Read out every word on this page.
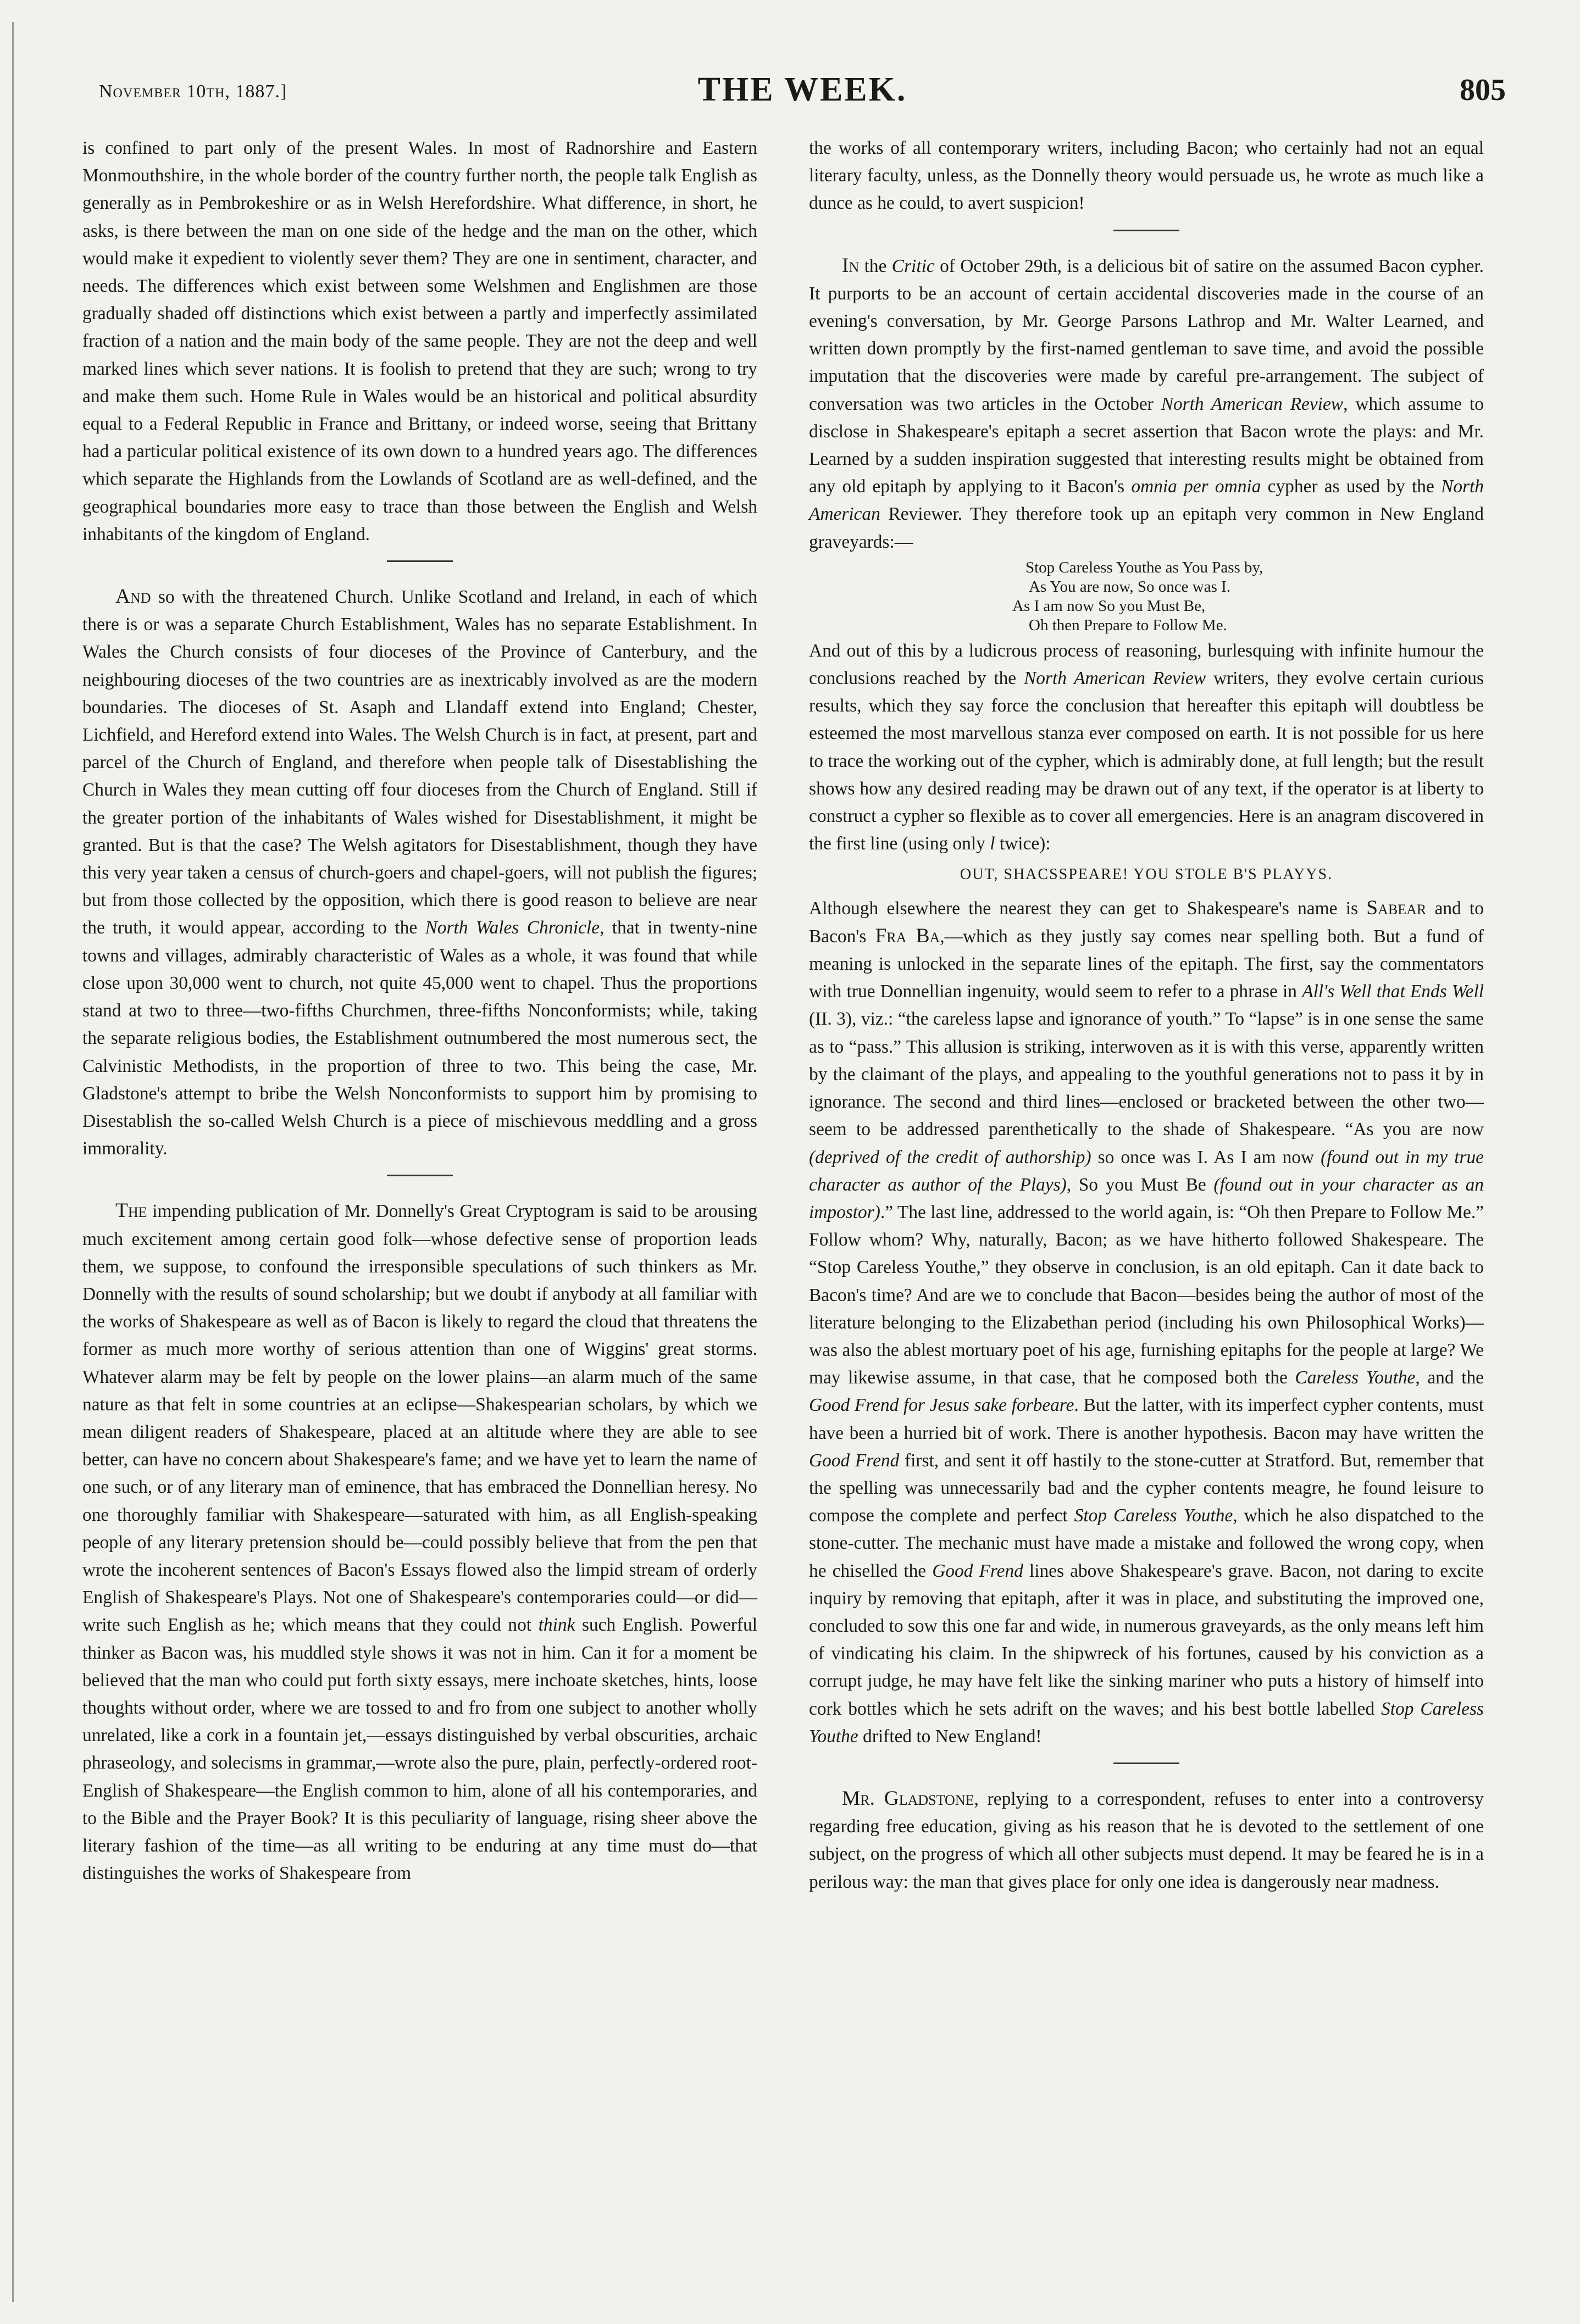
November 10th, 1887.]	THE WEEK.	805

is confined to part only of the present Wales. In most of Radnorshire and Eastern Monmouthshire, in the whole border of the country further north, the people talk English as generally as in Pembrokeshire or as in Welsh Herefordshire. What difference, in short, he asks, is there between the man on one side of the hedge and the man on the other, which would make it expedient to violently sever them? They are one in sentiment, character, and needs. The differences which exist between some Welshmen and Englishmen are those gradually shaded off distinctions which exist between a partly and imperfectly assimilated fraction of a nation and the main body of the same people. They are not the deep and well marked lines which sever nations. It is foolish to pretend that they are such; wrong to try and make them such. Home Rule in Wales would be an historical and political absurdity equal to a Federal Republic in France and Brittany, or indeed worse, seeing that Brittany had a particular political existence of its own down to a hundred years ago. The differences which separate the Highlands from the Lowlands of Scotland are as well-defined, and the geographical boundaries more easy to trace than those between the English and Welsh inhabitants of the kingdom of England.

And so with the threatened Church. Unlike Scotland and Ireland, in each of which there is or was a separate Church Establishment, Wales has no separate Establishment. In Wales the Church consists of four dioceses of the Province of Canterbury, and the neighbouring dioceses of the two countries are as inextricably involved as are the modern boundaries. The dioceses of St. Asaph and Llandaff extend into England; Chester, Lichfield, and Hereford extend into Wales. The Welsh Church is in fact, at present, part and parcel of the Church of England, and therefore when people talk of Disestablishing the Church in Wales they mean cutting off four dioceses from the Church of England. Still if the greater portion of the inhabitants of Wales wished for Disestablishment, it might be granted. But is that the case? The Welsh agitators for Disestablishment, though they have this very year taken a census of church-goers and chapel-goers, will not publish the figures; but from those collected by the opposition, which there is good reason to believe are near the truth, it would appear, according to the North Wales Chronicle, that in twenty-nine towns and villages, admirably characteristic of Wales as a whole, it was found that while close upon 30,000 went to church, not quite 45,000 went to chapel. Thus the proportions stand at two to three—two-fifths Churchmen, three-fifths Nonconformists; while, taking the separate religious bodies, the Establishment outnumbered the most numerous sect, the Calvinistic Methodists, in the proportion of three to two. This being the case, Mr. Gladstone's attempt to bribe the Welsh Nonconformists to support him by promising to Disestablish the so-called Welsh Church is a piece of mischievous meddling and a gross immorality.

The impending publication of Mr. Donnelly's Great Cryptogram is said to be arousing much excitement among certain good folk—whose defective sense of proportion leads them, we suppose, to confound the irresponsible speculations of such thinkers as Mr. Donnelly with the results of sound scholarship; but we doubt if anybody at all familiar with the works of Shakespeare as well as of Bacon is likely to regard the cloud that threatens the former as much more worthy of serious attention than one of Wiggins' great storms. Whatever alarm may be felt by people on the lower plains—an alarm much of the same nature as that felt in some countries at an eclipse—Shakespearian scholars, by which we mean diligent readers of Shakespeare, placed at an altitude where they are able to see better, can have no concern about Shakespeare's fame; and we have yet to learn the name of one such, or of any literary man of eminence, that has embraced the Donnellian heresy. No one thoroughly familiar with Shakespeare—saturated with him, as all English-speaking people of any literary pretension should be—could possibly believe that from the pen that wrote the incoherent sentences of Bacon's Essays flowed also the limpid stream of orderly English of Shakespeare's Plays. Not one of Shakespeare's contemporaries could—or did—write such English as he; which means that they could not think such English. Powerful thinker as Bacon was, his muddled style shows it was not in him. Can it for a moment be believed that the man who could put forth sixty essays, mere inchoate sketches, hints, loose thoughts without order, where we are tossed to and fro from one subject to another wholly unrelated, like a cork in a fountain jet,—essays distinguished by verbal obscurities, archaic phraseology, and solecisms in grammar,—wrote also the pure, plain, perfectly-ordered root-English of Shakespeare—the English common to him, alone of all his contemporaries, and to the Bible and the Prayer Book? It is this peculiarity of language, rising sheer above the literary fashion of the time—as all writing to be enduring at any time must do—that distinguishes the works of Shakespeare from

the works of all contemporary writers, including Bacon; who certainly had not an equal literary faculty, unless, as the Donnelly theory would persuade us, he wrote as much like a dunce as he could, to avert suspicion!

In the Critic of October 29th, is a delicious bit of satire on the assumed Bacon cypher. It purports to be an account of certain accidental discoveries made in the course of an evening's conversation, by Mr. George Parsons Lathrop and Mr. Walter Learned, and written down promptly by the first-named gentleman to save time, and avoid the possible imputation that the discoveries were made by careful pre-arrangement. The subject of conversation was two articles in the October North American Review, which assume to disclose in Shakespeare's epitaph a secret assertion that Bacon wrote the plays: and Mr. Learned by a sudden inspiration suggested that interesting results might be obtained from any old epitaph by applying to it Bacon's omnia per omnia cypher as used by the North American Reviewer. They therefore took up an epitaph very common in New England graveyards:—

Stop Careless Youthe as You Pass by,
As You are now, So once was I.
As I am now So you Must Be,
Oh then Prepare to Follow Me.

And out of this by a ludicrous process of reasoning, burlesquing with infinite humour the conclusions reached by the North American Review writers, they evolve certain curious results, which they say force the conclusion that hereafter this epitaph will doubtless be esteemed the most marvellous stanza ever composed on earth. It is not possible for us here to trace the working out of the cypher, which is admirably done, at full length; but the result shows how any desired reading may be drawn out of any text, if the operator is at liberty to construct a cypher so flexible as to cover all emergencies. Here is an anagram discovered in the first line (using only l twice):

OUT, SHACSSPEARE! YOU STOLE B'S PLAYYS.

Although elsewhere the nearest they can get to Shakespeare's name is Sabear and to Bacon's Fra Ba,—which as they justly say comes near spelling both. But a fund of meaning is unlocked in the separate lines of the epitaph. The first, say the commentators with true Donnellian ingenuity, would seem to refer to a phrase in All's Well that Ends Well (II. 3), viz.: “the careless lapse and ignorance of youth.” To “lapse” is in one sense the same as to “pass.” This allusion is striking, interwoven as it is with this verse, apparently written by the claimant of the plays, and appealing to the youthful generations not to pass it by in ignorance. The second and third lines—enclosed or bracketed between the other two—seem to be addressed parenthetically to the shade of Shakespeare. “As you are now (deprived of the credit of authorship) so once was I. As I am now (found out in my true character as author of the Plays), So you Must Be (found out in your character as an impostor).” The last line, addressed to the world again, is: “Oh then Prepare to Follow Me.” Follow whom? Why, naturally, Bacon; as we have hitherto followed Shakespeare. The “Stop Careless Youthe,” they observe in conclusion, is an old epitaph. Can it date back to Bacon's time? And are we to conclude that Bacon—besides being the author of most of the literature belonging to the Elizabethan period (including his own Philosophical Works)—was also the ablest mortuary poet of his age, furnishing epitaphs for the people at large? We may likewise assume, in that case, that he composed both the Careless Youthe, and the Good Frend for Jesus sake forbeare. But the latter, with its imperfect cypher contents, must have been a hurried bit of work. There is another hypothesis. Bacon may have written the Good Frend first, and sent it off hastily to the stone-cutter at Stratford. But, remember that the spelling was unnecessarily bad and the cypher contents meagre, he found leisure to compose the complete and perfect Stop Careless Youthe, which he also dispatched to the stone-cutter. The mechanic must have made a mistake and followed the wrong copy, when he chiselled the Good Frend lines above Shakespeare's grave. Bacon, not daring to excite inquiry by removing that epitaph, after it was in place, and substituting the improved one, concluded to sow this one far and wide, in numerous graveyards, as the only means left him of vindicating his claim. In the shipwreck of his fortunes, caused by his conviction as a corrupt judge, he may have felt like the sinking mariner who puts a history of himself into cork bottles which he sets adrift on the waves; and his best bottle labelled Stop Careless Youthe drifted to New England!

Mr. Gladstone, replying to a correspondent, refuses to enter into a controversy regarding free education, giving as his reason that he is devoted to the settlement of one subject, on the progress of which all other subjects must depend. It may be feared he is in a perilous way: the man that gives place for only one idea is dangerously near madness.
